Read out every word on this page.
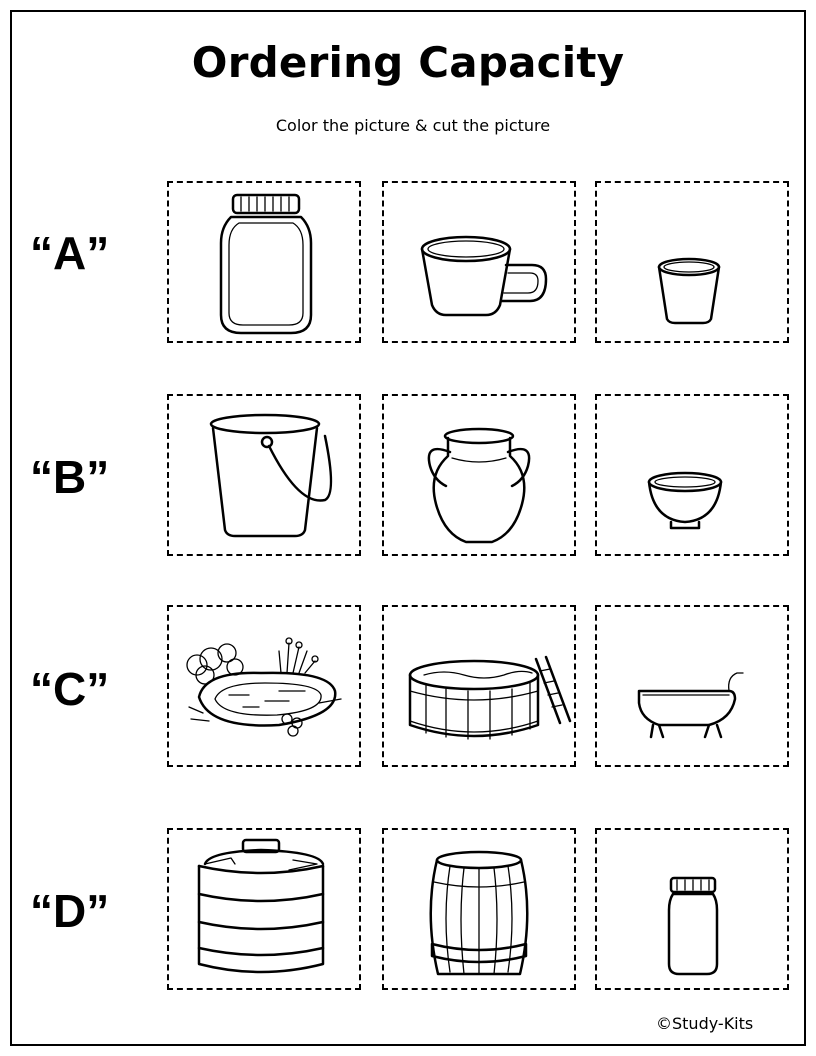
Ordering Capacity
Color the picture & cut the picture
“A”
“B”
“C”
“D”
©Study-Kits
